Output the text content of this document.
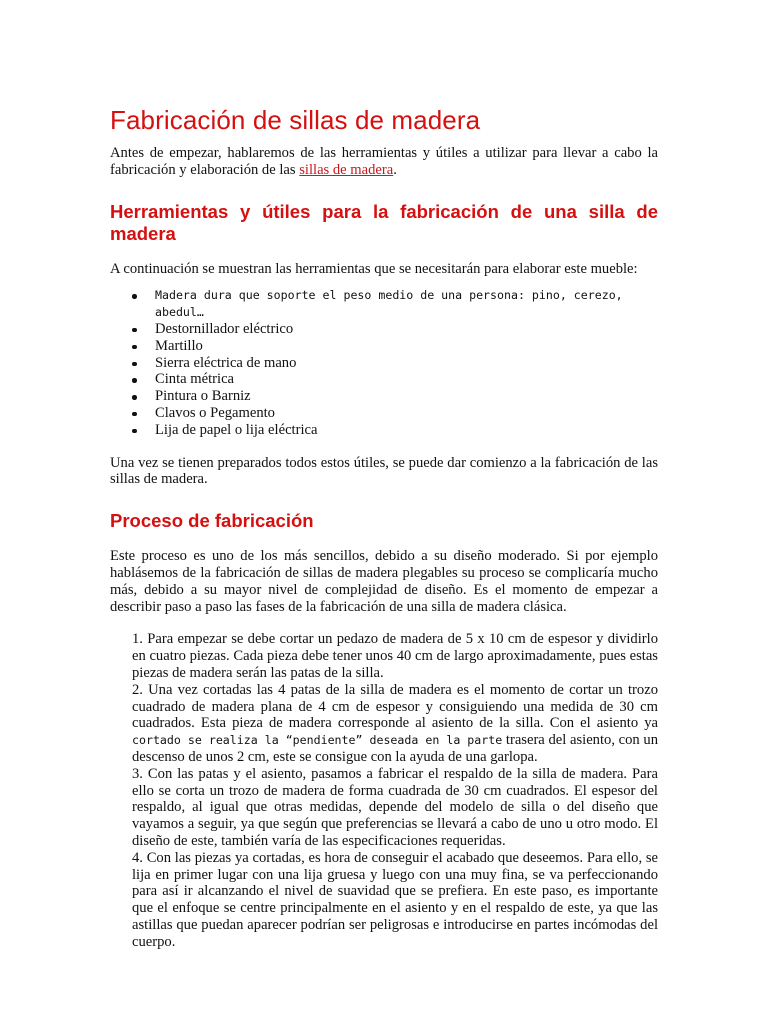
Fabricación de sillas de madera

Antes de empezar, hablaremos de las herramientas y útiles a utilizar para llevar a cabo la fabricación y elaboración de las sillas de madera.

Herramientas y útiles para la fabricación de una silla de madera

A continuación se muestran las herramientas que se necesitarán para elaborar este mueble:

Madera dura que soporte el peso medio de una persona: pino, cerezo, abedul…
Destornillador eléctrico
Martillo
Sierra eléctrica de mano
Cinta métrica
Pintura o Barniz
Clavos o Pegamento
Lija de papel o lija eléctrica

Una vez se tienen preparados todos estos útiles, se puede dar comienzo a la fabricación de las sillas de madera.

Proceso de fabricación

Este proceso es uno de los más sencillos, debido a su diseño moderado. Si por ejemplo hablásemos de la fabricación de sillas de madera plegables su proceso se complicaría mucho más, debido a su mayor nivel de complejidad de diseño. Es el momento de empezar a describir paso a paso las fases de la fabricación de una silla de madera clásica.

1. Para empezar se debe cortar un pedazo de madera de 5 x 10 cm de espesor y dividirlo en cuatro piezas. Cada pieza debe tener unos 40 cm de largo aproximadamente, pues estas piezas de madera serán las patas de la silla.
2. Una vez cortadas las 4 patas de la silla de madera es el momento de cortar un trozo cuadrado de madera plana de 4 cm de espesor y consiguiendo una medida de 30 cm cuadrados. Esta pieza de madera corresponde al asiento de la silla. Con el asiento ya cortado se realiza la “pendiente” deseada en la parte trasera del asiento, con un descenso de unos 2 cm, este se consigue con la ayuda de una garlopa.
3. Con las patas y el asiento, pasamos a fabricar el respaldo de la silla de madera. Para ello se corta un trozo de madera de forma cuadrada de 30 cm cuadrados. El espesor del respaldo, al igual que otras medidas, depende del modelo de silla o del diseño que vayamos a seguir, ya que según que preferencias se llevará a cabo de uno u otro modo. El diseño de este, también varía de las especificaciones requeridas.
4. Con las piezas ya cortadas, es hora de conseguir el acabado que deseemos. Para ello, se lija en primer lugar con una lija gruesa y luego con una muy fina, se va perfeccionando para así ir alcanzando el nivel de suavidad que se prefiera. En este paso, es importante que el enfoque se centre principalmente en el asiento y en el respaldo de este, ya que las astillas que puedan aparecer podrían ser peligrosas e introducirse en partes incómodas del cuerpo.
